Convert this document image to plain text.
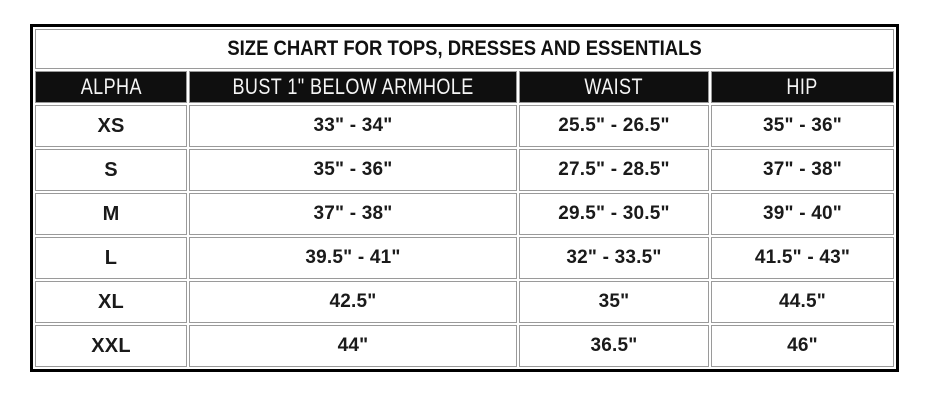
SIZE CHART FOR TOPS, DRESSES AND ESSENTIALS			
ALPHA	BUST 1" BELOW ARMHOLE	WAIST	HIP
XS	33" - 34"	25.5" - 26.5"	35" - 36"
S	35" - 36"	27.5" - 28.5"	37" - 38"
M	37" - 38"	29.5" - 30.5"	39" - 40"
L	39.5" - 41"	32" - 33.5"	41.5" - 43"
XL	42.5"	35"	44.5"
XXL	44"	36.5"	46"
